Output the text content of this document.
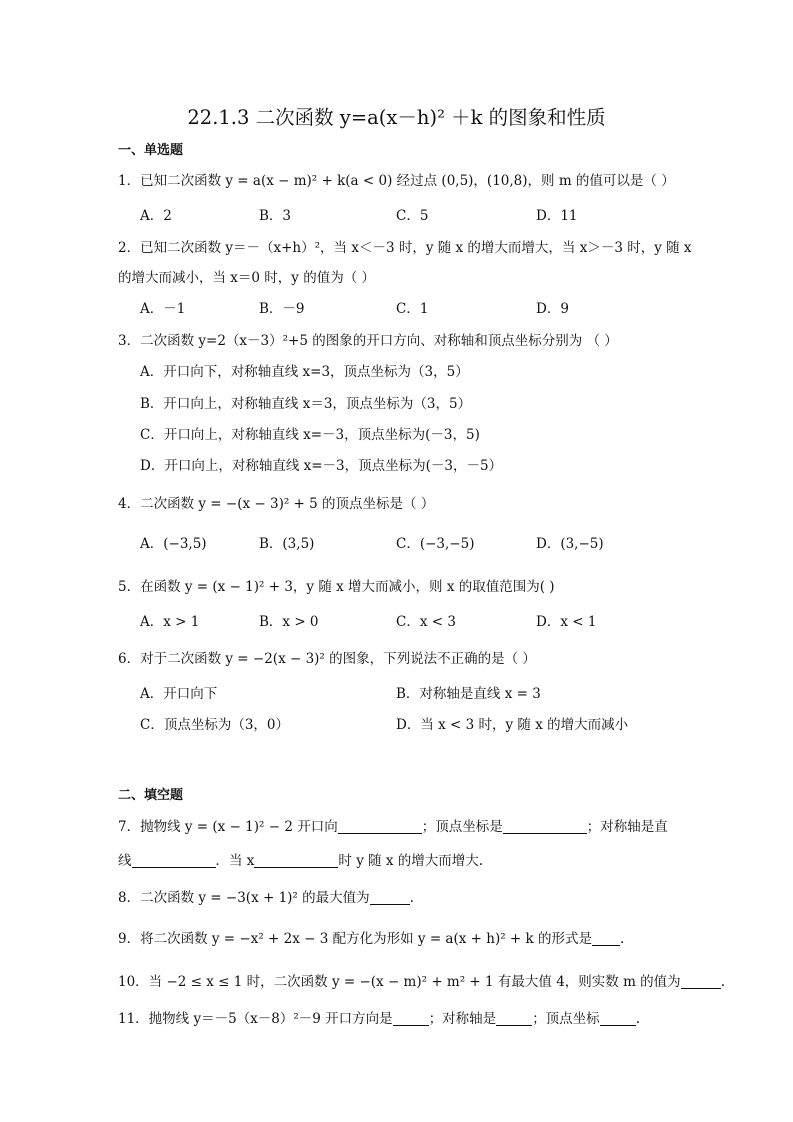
22.1.3 二次函数 y=a(x－h)² ＋k 的图象和性质
一、单选题
1．已知二次函数 y = a(x − m)² + k(a < 0) 经过点 (0,5)，(10,8)，则 m 的值可以是（ ）
A．2	B．3	C．5	D．11
2．已知二次函数 y＝－（x+h）²，当 x＜－3 时，y 随 x 的增大而增大，当 x＞－3 时，y 随 x
的增大而减小，当 x＝0 时，y 的值为（ ）
A．－1	B．－9	C．1	D．9
3．二次函数 y=2（x－3）²+5 的图象的开口方向、对称轴和顶点坐标分别为 （ ）
A．开口向下，对称轴直线 x=3，顶点坐标为（3，5）
B．开口向上，对称轴直线 x＝3，顶点坐标为（3，5）
C．开口向上，对称轴直线 x=－3，顶点坐标为(－3，5)
D．开口向上，对称轴直线 x=－3，顶点坐标为(－3，－5）
4．二次函数 y = −(x − 3)² + 5 的顶点坐标是（ ）
A．(−3,5)	B．(3,5)	C．(−3,−5)	D．(3,−5)
5．在函数 y = (x − 1)² + 3，y 随 x 增大而减小，则 x 的取值范围为( )
A．x > 1	B．x > 0	C．x < 3	D．x < 1
6．对于二次函数 y = −2(x − 3)² 的图象，下列说法不正确的是（ ）
A．开口向下	B．对称轴是直线 x = 3
C．顶点坐标为（3，0）	D．当 x < 3 时，y 随 x 的增大而减小
二、填空题
7．抛物线 y = (x − 1)² − 2 开口向	；顶点坐标是	；对称轴是直
线	．当 x	时 y 随 x 的增大而增大.
8．二次函数 y = −3(x + 1)² 的最大值为	.
9．将二次函数 y = −x² + 2x − 3 配方化为形如 y = a(x + h)² + k 的形式是 .
10．当 −2 ≤ x ≤ 1 时，二次函数 y = −(x − m)² + m² + 1 有最大值 4，则实数 m 的值为	.
11．抛物线 y＝－5（x－8）²－9 开口方向是	；对称轴是	；顶点坐标	.
